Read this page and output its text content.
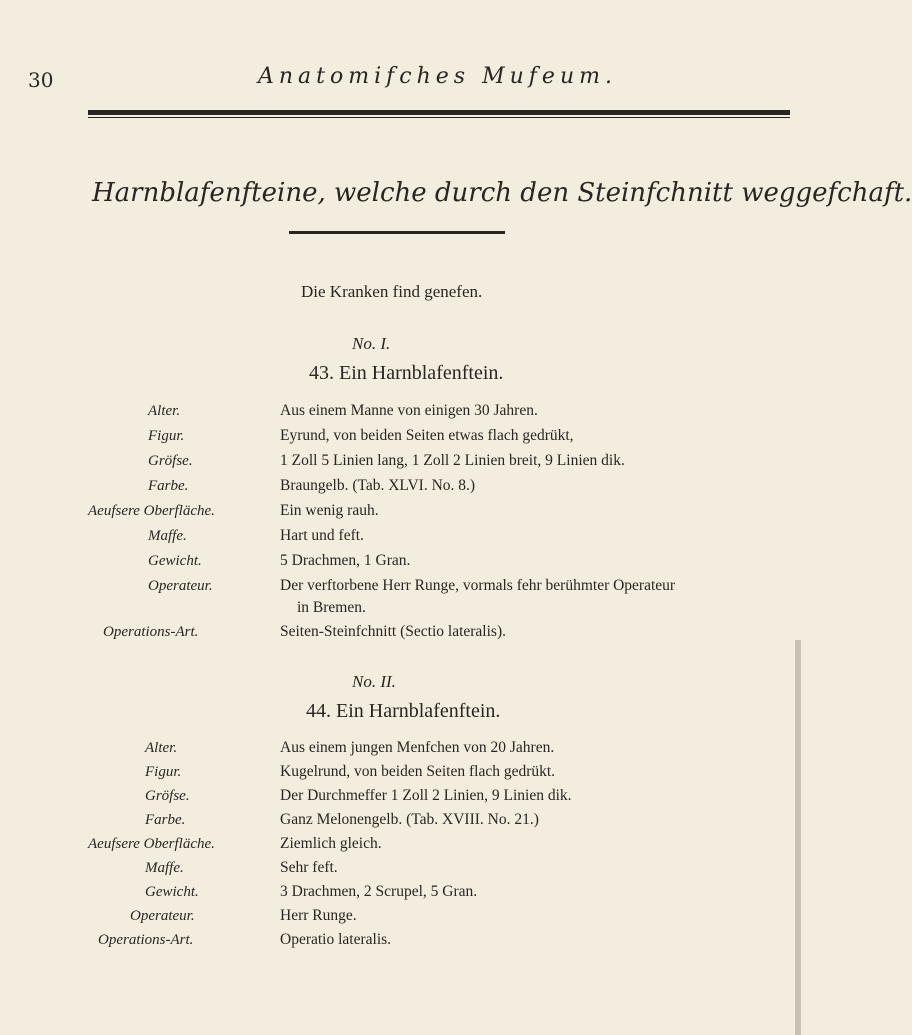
30	Anatomifches Mufeum.
Harnblafenfteine, welche durch den Steinfchnitt weggefchaft.
Die Kranken find genefen.
No. I.
43. Ein Harnblafenftein.
Alter.	Aus einem Manne von einigen 30 Jahren.
Figur.	Eyrund, von beiden Seiten etwas flach gedrükt,
Gröfse.	1 Zoll 5 Linien lang, 1 Zoll 2 Linien breit, 9 Linien dik.
Farbe.	Braungelb. (Tab. XLVI. No. 8.)
Aeufsere Oberfläche.	Ein wenig rauh.
Maffe.	Hart und feft.
Gewicht.	5 Drachmen, 1 Gran.
Operateur.	Der verftorbene Herr Runge, vormals fehr berühmter Operateur
in Bremen.
Operations-Art.	Seiten-Steinfchnitt (Sectio lateralis).
No. II.
44. Ein Harnblafenftein.
Alter.	Aus einem jungen Menfchen von 20 Jahren.
Figur.	Kugelrund, von beiden Seiten flach gedrükt.
Gröfse.	Der Durchmeffer 1 Zoll 2 Linien, 9 Linien dik.
Farbe.	Ganz Melonengelb. (Tab. XVIII. No. 21.)
Aeufsere Oberfläche.	Ziemlich gleich.
Maffe.	Sehr feft.
Gewicht.	3 Drachmen, 2 Scrupel, 5 Gran.
Operateur.	Herr Runge.
Operations-Art.	Operatio lateralis.
